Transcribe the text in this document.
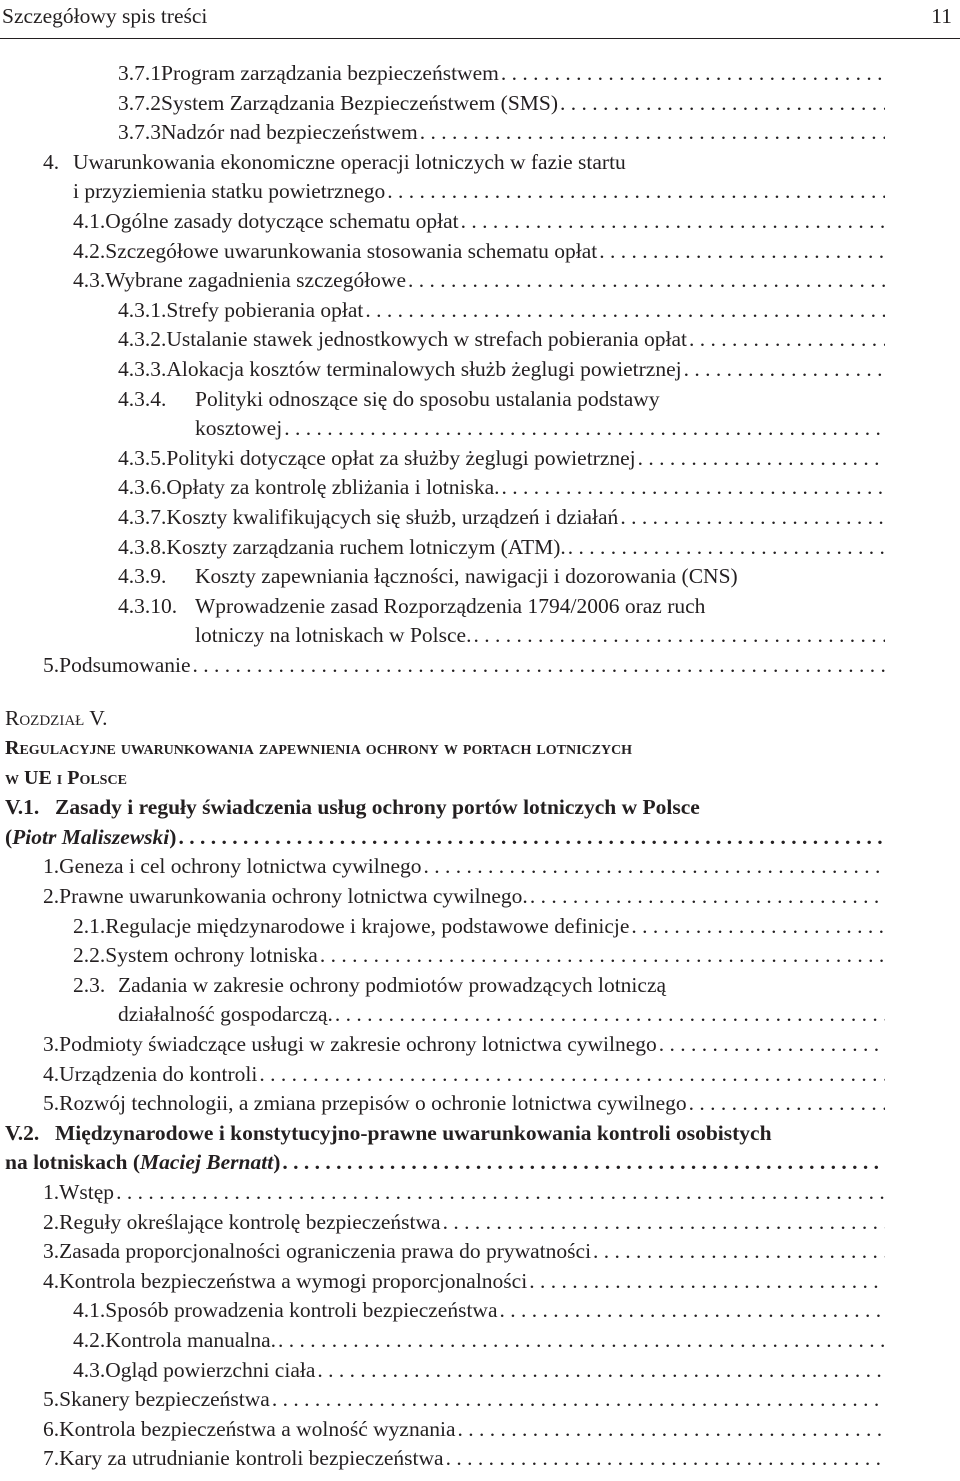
Szczegółowy spis treści	11
3.7.1 Program zarządzania bezpieczeństwem
. . .
3.7.2 System Zarządzania Bezpieczeństwem (SMS)
. . .
3.7.3 Nadzór nad bezpieczeństwem
. . .
4. Uwarunkowania ekonomiczne operacji lotniczych w fazie startu
i przyziemienia statku powietrznego
. . .
4.1. Ogólne zasady dotyczące schematu opłat
. . .
4.2. Szczegółowe uwarunkowania stosowania schematu opłat
. . .
4.3. Wybrane zagadnienia szczegółowe
. . .
4.3.1. Strefy pobierania opłat
. . .
4.3.2. Ustalanie stawek jednostkowych w strefach pobierania opłat
. . .
4.3.3. Alokacja kosztów terminalowych służb żeglugi powietrznej
. . .
4.3.4.	Polityki odnoszące się do sposobu ustalania podstawy
kosztowej
. . .
4.3.5. Polityki dotyczące opłat za służby żeglugi powietrznej
. . .
4.3.6. Opłaty za kontrolę zbliżania i lotniska.
. . .
4.3.7. Koszty kwalifikujących się służb, urządzeń i działań
. . .
4.3.8. Koszty zarządzania ruchem lotniczym (ATM).
. . .
4.3.9.	Koszty zapewniania łączności, nawigacji i dozorowania (CNS)
4.3.10. Wprowadzenie zasad Rozporządzenia 1794/2006 oraz ruch
lotniczy na lotniskach w Polsce.
. . .
5. Podsumowanie
. . .
Rozdział V.
Regulacyjne uwarunkowania zapewnienia ochrony w portach lotniczych
w UE i Polsce
V.1. Zasady i reguły świadczenia usług ochrony portów lotniczych w Polsce
( Piotr Maliszewski )
. . .
1. Geneza i cel ochrony lotnictwa cywilnego
. . .
2. Prawne uwarunkowania ochrony lotnictwa cywilnego.
. . .
2.1. Regulacje międzynarodowe i krajowe, podstawowe definicje
. . .
2.2. System ochrony lotniska
. . .
2.3. Zadania w zakresie ochrony podmiotów prowadzących lotniczą
działalność gospodarczą.
. . .
3. Podmioty świadczące usługi w zakresie ochrony lotnictwa cywilnego
. . .
4. Urządzenia do kontroli
. . .
5. Rozwój technologii, a zmiana przepisów o ochronie lotnictwa cywilnego
. . .
V.2. Międzynarodowe i konstytucyjno-prawne uwarunkowania kontroli osobistych
na lotniskach ( Maciej Bernatt )
. . .
1. Wstęp
. . .
2. Reguły określające kontrolę bezpieczeństwa
. . .
3. Zasada proporcjonalności ograniczenia prawa do prywatności
. . .
4. Kontrola bezpieczeństwa a wymogi proporcjonalności
. . .
4.1. Sposób prowadzenia kontroli bezpieczeństwa
. . .
4.2. Kontrola manualna.
. . .
4.3. Ogląd powierzchni ciała
. . .
5. Skanery bezpieczeństwa
. . .
6. Kontrola bezpieczeństwa a wolność wyznania
. . .
7. Kary za utrudnianie kontroli bezpieczeństwa
. . .
